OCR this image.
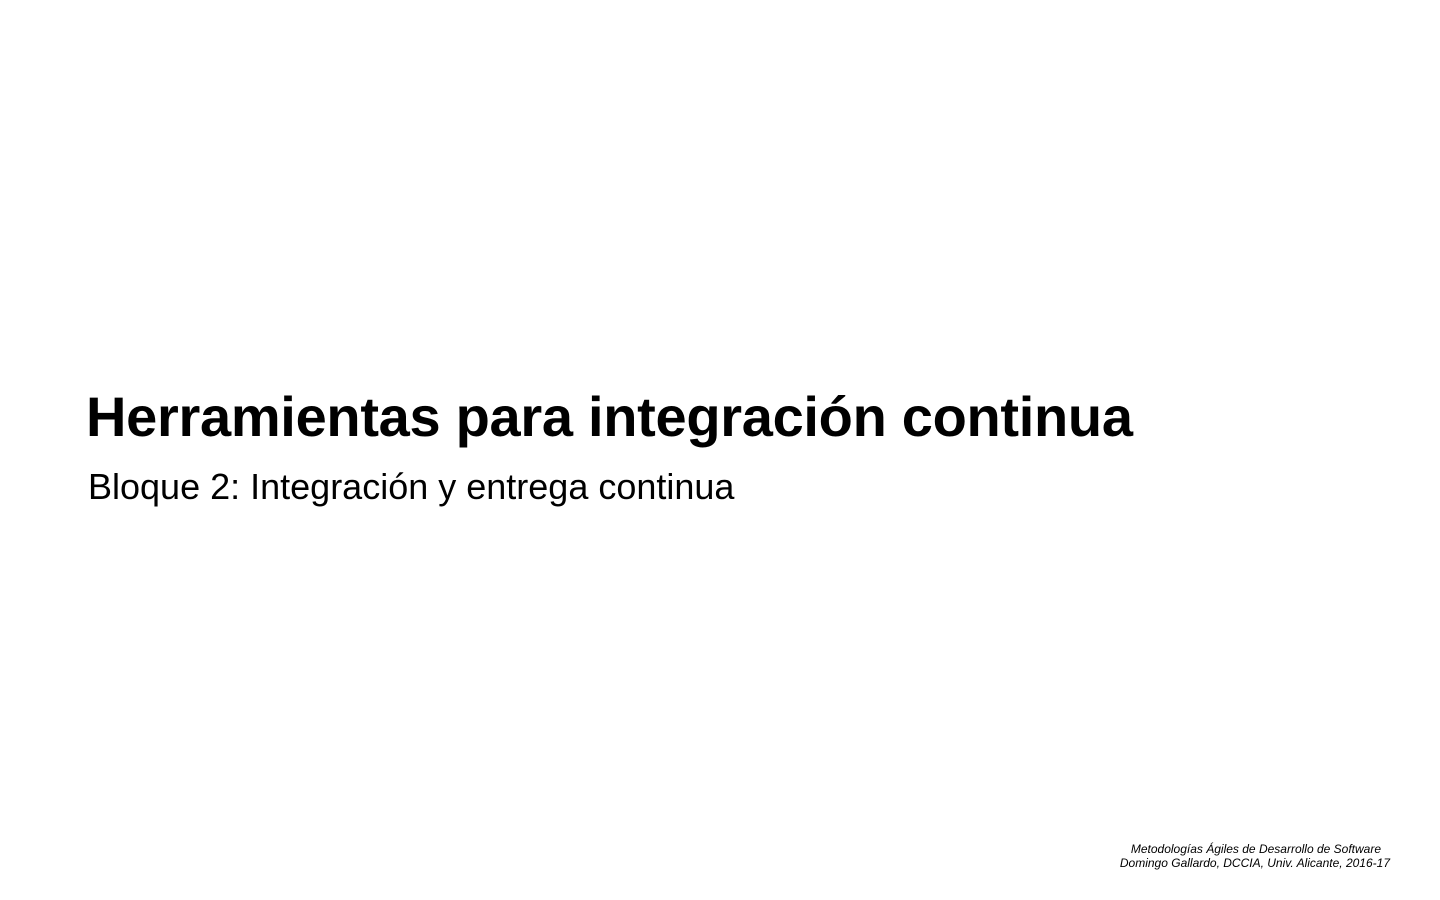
Herramientas para integración continua
Bloque 2: Integración y entrega continua
Metodologías Ágiles de Desarrollo de Software
Domingo Gallardo, DCCIA, Univ. Alicante, 2016-17
